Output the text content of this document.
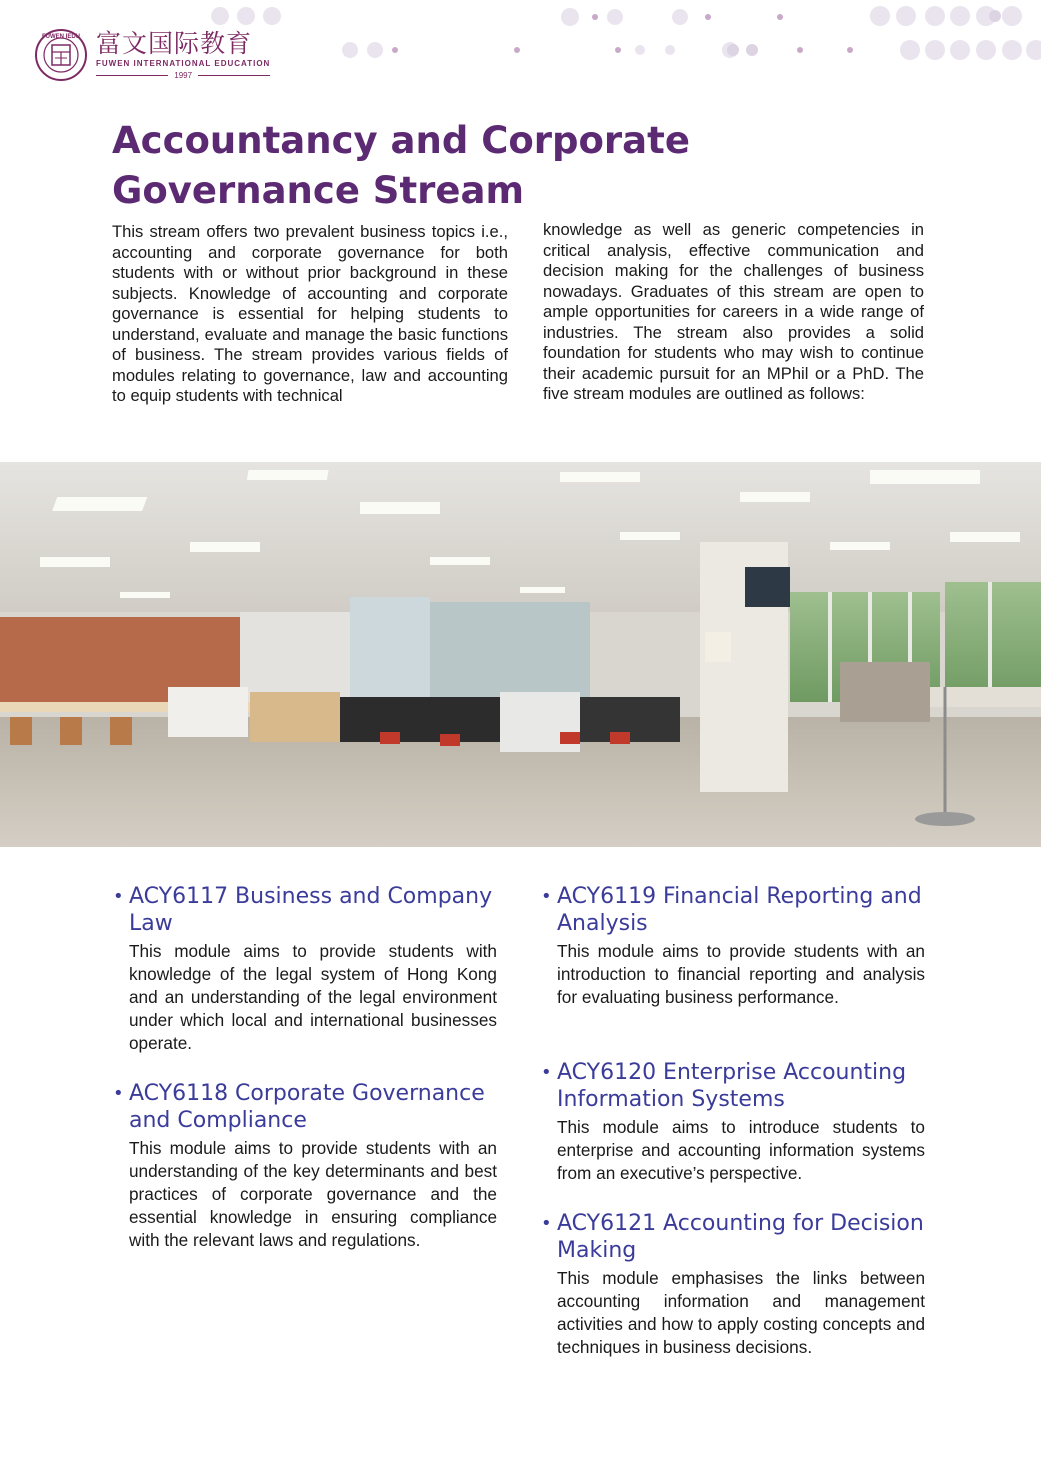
FUWEN IEDU 富文国际教育
FUWEN INTERNATIONAL EDUCATION
1997
Accountancy and Corporate Governance Stream

This stream offers two prevalent business topics i.e., accounting and corporate governance for both students with or without prior background in these subjects. Knowledge of accounting and corporate governance is essential for helping students to understand, evaluate and manage the basic functions of business. The stream provides various fields of modules relating to governance, law and accounting to equip students with technical

knowledge as well as generic competencies in critical analysis, effective communication and decision making for the challenges of business nowadays. Graduates of this stream are open to ample opportunities for careers in a wide range of industries. The stream also provides a solid foundation for students who may wish to continue their academic pursuit for an MPhil or a PhD. The five stream modules are outlined as follows:

• ACY6117 Business and Company Law

This module aims to provide students with knowledge of the legal system of Hong Kong and an understanding of the legal environment under which local and international businesses operate.

• ACY6118 Corporate Governance and Compliance

This module aims to provide students with an understanding of the key determinants and best practices of corporate governance and the essential knowledge in ensuring compliance with the relevant laws and regulations.

• ACY6119 Financial Reporting and Analysis

This module aims to provide students with an introduction to financial reporting and analysis for evaluating business performance.

• ACY6120 Enterprise Accounting Information Systems

This module aims to introduce students to enterprise and accounting information systems from an executive’s perspective.

• ACY6121 Accounting for Decision Making

This module emphasises the links between accounting information and management activities and how to apply costing concepts and techniques in business decisions.
